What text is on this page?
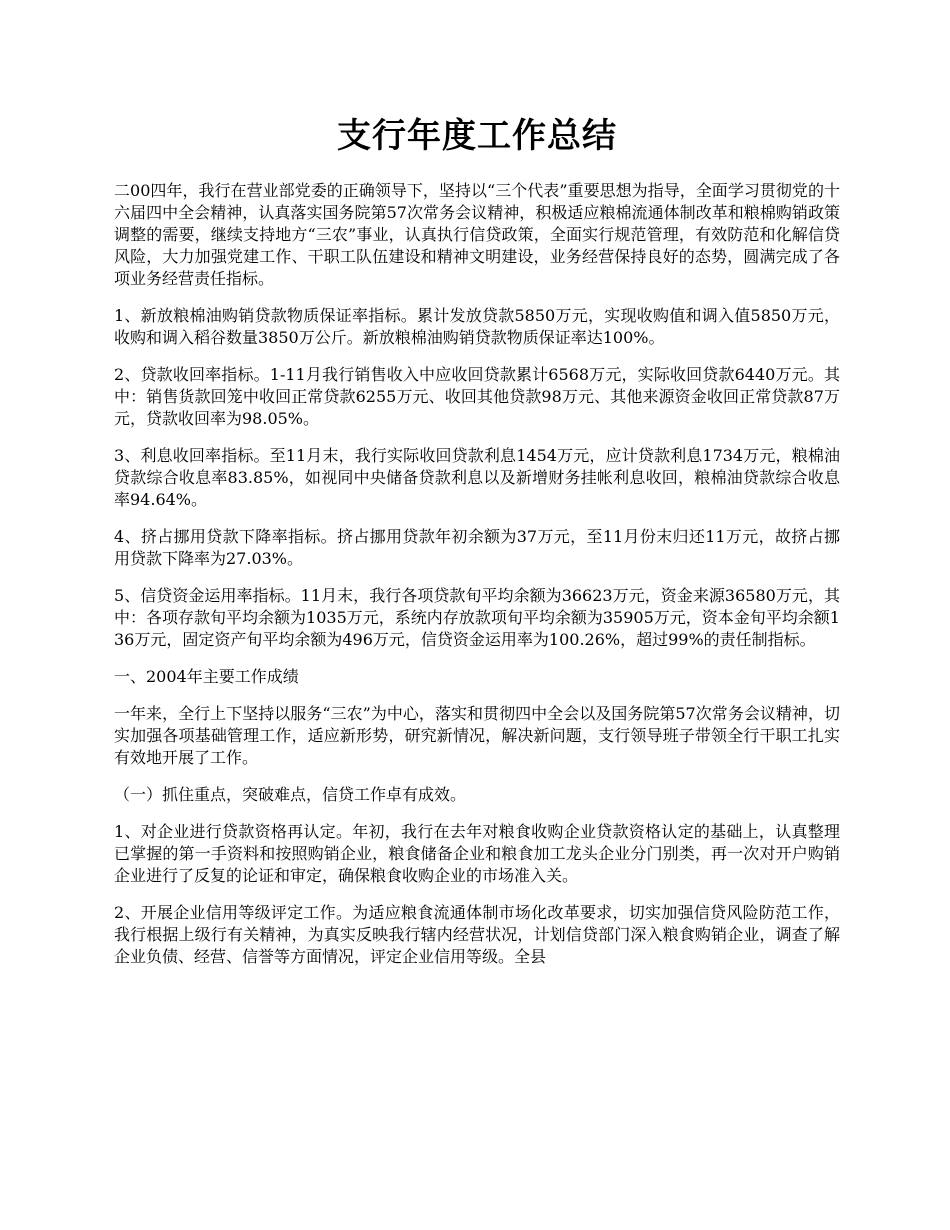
支行年度工作总结

二00四年，我行在营业部党委的正确领导下，坚持以“三个代表”重要思想为指导，全面学习贯彻党的十六届四中全会精神，认真落实国务院第57次常务会议精神，积极适应粮棉流通体制改革和粮棉购销政策调整的需要，继续支持地方“三农”事业，认真执行信贷政策，全面实行规范管理，有效防范和化解信贷风险，大力加强党建工作、干职工队伍建设和精神文明建设，业务经营保持良好的态势，圆满完成了各项业务经营责任指标。

1、新放粮棉油购销贷款物质保证率指标。累计发放贷款5850万元，实现收购值和调入值5850万元，收购和调入稻谷数量3850万公斤。新放粮棉油购销贷款物质保证率达100%。

2、贷款收回率指标。1-11月我行销售收入中应收回贷款累计6568万元，实际收回贷款6440万元。其中：销售货款回笼中收回正常贷款6255万元、收回其他贷款98万元、其他来源资金收回正常贷款87万元，贷款收回率为98.05%。

3、利息收回率指标。至11月末，我行实际收回贷款利息1454万元，应计贷款利息1734万元，粮棉油贷款综合收息率83.85%，如视同中央储备贷款利息以及新增财务挂帐利息收回，粮棉油贷款综合收息率94.64%。

4、挤占挪用贷款下降率指标。挤占挪用贷款年初余额为37万元，至11月份末归还11万元，故挤占挪用贷款下降率为27.03%。

5、信贷资金运用率指标。11月末，我行各项贷款旬平均余额为36623万元，资金来源36580万元，其中：各项存款旬平均余额为1035万元，系统内存放款项旬平均余额为35905万元，资本金旬平均余额136万元，固定资产旬平均余额为496万元，信贷资金运用率为100.26%，超过99%的责任制指标。

一、2004年主要工作成绩

一年来，全行上下坚持以服务“三农”为中心，落实和贯彻四中全会以及国务院第57次常务会议精神，切实加强各项基础管理工作，适应新形势，研究新情况，解决新问题，支行领导班子带领全行干职工扎实有效地开展了工作。

（一）抓住重点，突破难点，信贷工作卓有成效。

1、对企业进行贷款资格再认定。年初，我行在去年对粮食收购企业贷款资格认定的基础上，认真整理已掌握的第一手资料和按照购销企业，粮食储备企业和粮食加工龙头企业分门别类，再一次对开户购销企业进行了反复的论证和审定，确保粮食收购企业的市场准入关。

2、开展企业信用等级评定工作。为适应粮食流通体制市场化改革要求，切实加强信贷风险防范工作，我行根据上级行有关精神，为真实反映我行辖内经营状况，计划信贷部门深入粮食购销企业，调查了解企业负债、经营、信誉等方面情况，评定企业信用等级。全县
